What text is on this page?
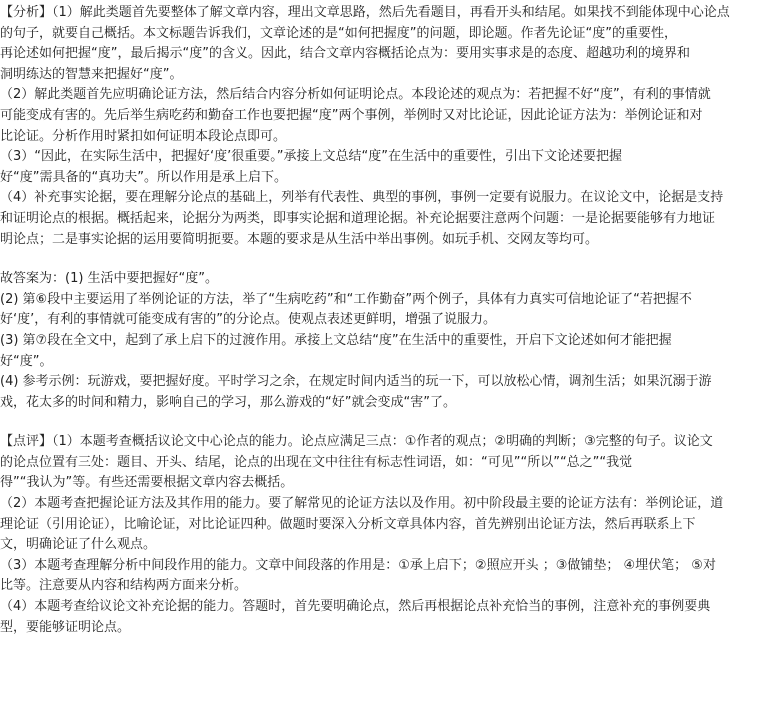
【分析】（1）解此类题首先要整体了解文章内容，理出文章思路，然后先看题目，再看开头和结尾。如果找不到能体现中心论点
的句子，就要自己概括。本文标题告诉我们，文章论述的是“如何把握度”的问题，即论题。作者先论证“度”的重要性，
再论述如何把握“度”，最后揭示“度”的含义。因此，结合文章内容概括论点为：要用实事求是的态度、超越功利的境界和
洞明练达的智慧来把握好“度”。
（2）解此类题首先应明确论证方法，然后结合内容分析如何证明论点。本段论述的观点为：若把握不好“度”，有利的事情就
可能变成有害的。先后举生病吃药和勤奋工作也要把握“度”两个事例，举例时又对比论证，因此论证方法为：举例论证和对
比论证。分析作用时紧扣如何证明本段论点即可。
（3）“因此，在实际生活中，把握好‘度’很重要。”承接上文总结“度”在生活中的重要性，引出下文论述要把握
好“度”需具备的“真功夫”。所以作用是承上启下。
（4）补充事实论据，要在理解分论点的基础上，列举有代表性、典型的事例，事例一定要有说服力。在议论文中，论据是支持
和证明论点的根据。概括起来，论据分为两类，即事实论据和道理论据。补充论据要注意两个问题：一是论据要能够有力地证
明论点；二是事实论据的运用要简明扼要。本题的要求是从生活中举出事例。如玩手机、交网友等均可。
故答案为：(1) 生活中要把握好“度”。
(2) 第⑥段中主要运用了举例论证的方法，举了“生病吃药”和“工作勤奋”两个例子，具体有力真实可信地论证了“若把握不
好‘度’，有利的事情就可能变成有害的”的分论点。使观点表述更鲜明，增强了说服力。
(3) 第⑦段在全文中，起到了承上启下的过渡作用。承接上文总结“度”在生活中的重要性，开启下文论述如何才能把握
好“度”。
(4) 参考示例：玩游戏，要把握好度。平时学习之余，在规定时间内适当的玩一下，可以放松心情，调剂生活；如果沉溺于游
戏，花太多的时间和精力，影响自己的学习，那么游戏的“好”就会变成“害”了。
【点评】（1）本题考查概括议论文中心论点的能力。论点应满足三点：①作者的观点；②明确的判断；③完整的句子。议论文
的论点位置有三处：题目、开头、结尾，论点的出现在文中往往有标志性词语，如：“可见”“所以”“总之”“我觉
得”“我认为”等。有些还需要根据文章内容去概括。
（2）本题考查把握论证方法及其作用的能力。要了解常见的论证方法以及作用。初中阶段最主要的论证方法有：举例论证，道
理论证（引用论证），比喻论证，对比论证四种。做题时要深入分析文章具体内容，首先辨别出论证方法，然后再联系上下
文，明确论证了什么观点。
（3）本题考查理解分析中间段作用的能力。文章中间段落的作用是：①承上启下；②照应开头 ；③做铺垫； ④埋伏笔； ⑤对
比等。注意要从内容和结构两方面来分析。
（4）本题考查给议论文补充论据的能力。答题时，首先要明确论点，然后再根据论点补充恰当的事例，注意补充的事例要典
型，要能够证明论点。
